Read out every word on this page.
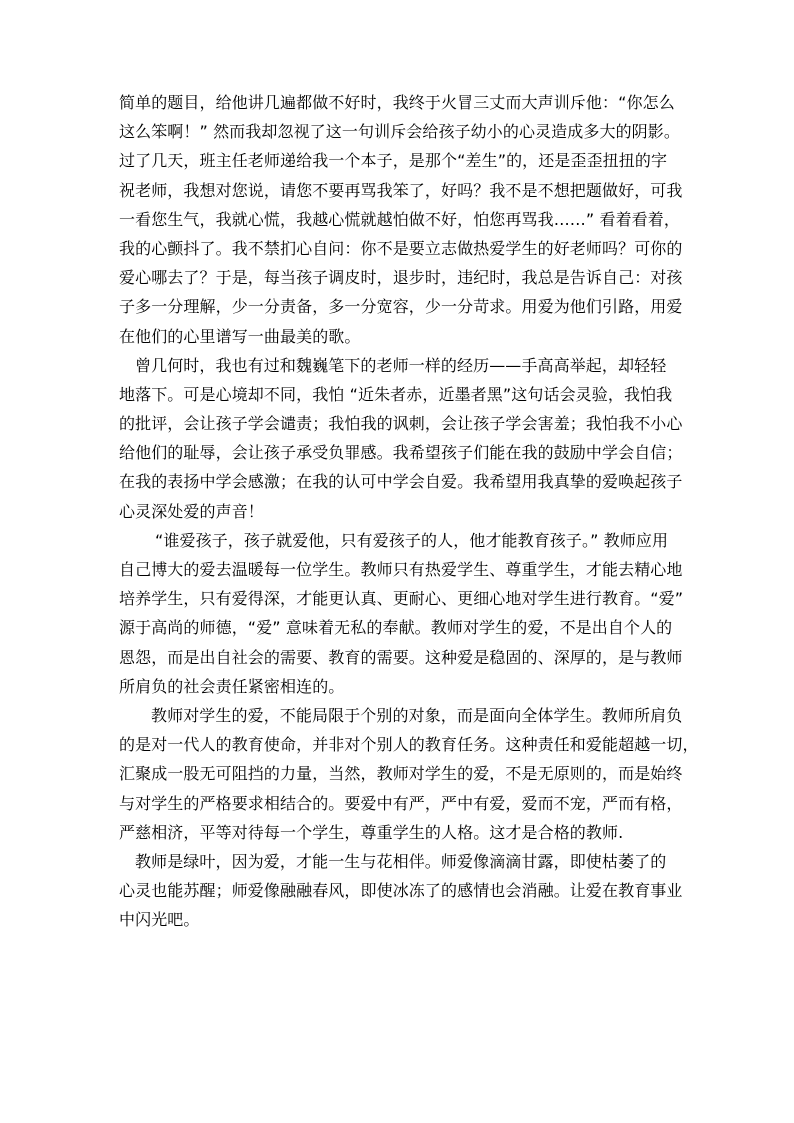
简单的题目，给他讲几遍都做不好时，我终于火冒三丈而大声训斥他：“你怎么
这么笨啊！” 然而我却忽视了这一句训斥会给孩子幼小的心灵造成多大的阴影。
过了几天，班主任老师递给我一个本子，是那个“差生”的，还是歪歪扭扭的字
祝老师，我想对您说，请您不要再骂我笨了，好吗？我不是不想把题做好，可我
一看您生气，我就心慌，我越心慌就越怕做不好，怕您再骂我……” 看着看着，
我的心颤抖了。我不禁扪心自问：你不是要立志做热爱学生的好老师吗？可你的
爱心哪去了？于是，每当孩子调皮时，退步时，违纪时，我总是告诉自己：对孩
子多一分理解，少一分责备，多一分宽容，少一分苛求。用爱为他们引路，用爱
在他们的心里谱写一曲最美的歌。
曾几何时，我也有过和魏巍笔下的老师一样的经历——手高高举起，却轻轻
地落下。可是心境却不同，我怕 “近朱者赤，近墨者黑”这句话会灵验，我怕我
的批评，会让孩子学会谴责；我怕我的讽刺，会让孩子学会害羞；我怕我不小心
给他们的耻辱，会让孩子承受负罪感。我希望孩子们能在我的鼓励中学会自信；
在我的表扬中学会感激；在我的认可中学会自爱。我希望用我真挚的爱唤起孩子
心灵深处爱的声音！
“谁爱孩子，孩子就爱他，只有爱孩子的人，他才能教育孩子。” 教师应用
自己博大的爱去温暖每一位学生。教师只有热爱学生、尊重学生，才能去精心地
培养学生，只有爱得深，才能更认真、更耐心、更细心地对学生进行教育。“爱”
源于高尚的师德，“爱” 意味着无私的奉献。教师对学生的爱，不是出自个人的
恩怨，而是出自社会的需要、教育的需要。这种爱是稳固的、深厚的，是与教师
所肩负的社会责任紧密相连的。
教师对学生的爱，不能局限于个别的对象，而是面向全体学生。教师所肩负
的是对一代人的教育使命，并非对个别人的教育任务。这种责任和爱能超越一切，
汇聚成一股无可阻挡的力量，当然，教师对学生的爱，不是无原则的，而是始终
与对学生的严格要求相结合的。要爱中有严，严中有爱，爱而不宠，严而有格，
严慈相济，平等对待每一个学生，尊重学生的人格。这才是合格的教师.
教师是绿叶，因为爱，才能一生与花相伴。师爱像滴滴甘露，即使枯萎了的
心灵也能苏醒；师爱像融融春风，即使冰冻了的感情也会消融。让爱在教育事业
中闪光吧。
